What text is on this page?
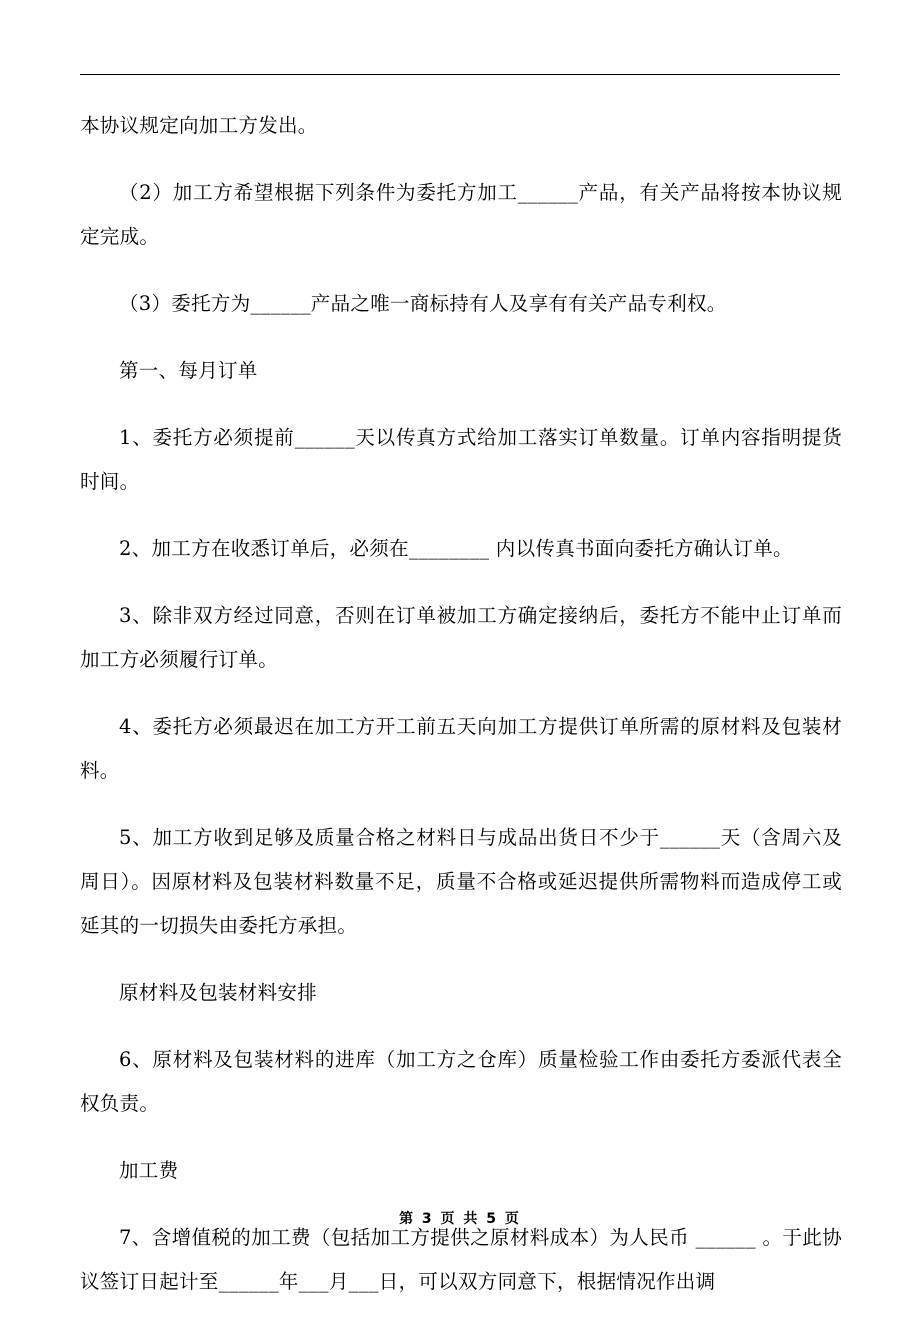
本协议规定向加工方发出。

（2）加工方希望根据下列条件为委托方加工______产品，有关产品将按本协议规定完成。

（3）委托方为______产品之唯一商标持有人及享有有关产品专利权。

第一、每月订单

1、委托方必须提前______天以传真方式给加工落实订单数量。订单内容指明提货时间。

2、加工方在收悉订单后，必须在________ 内以传真书面向委托方确认订单。

3、除非双方经过同意，否则在订单被加工方确定接纳后，委托方不能中止订单而加工方必须履行订单。

4、委托方必须最迟在加工方开工前五天向加工方提供订单所需的原材料及包装材料。

5、加工方收到足够及质量合格之材料日与成品出货日不少于______天（含周六及周日）。因原材料及包装材料数量不足，质量不合格或延迟提供所需物料而造成停工或延其的一切损失由委托方承担。

原材料及包装材料安排

6、原材料及包装材料的进库（加工方之仓库）质量检验工作由委托方委派代表全权负责。

加工费

7、含增值税的加工费（包括加工方提供之原材料成本）为人民币 ______ 。于此协议签订日起计至______年___月___日，可以双方同意下，根据情况作出调

第 3 页 共 5 页
